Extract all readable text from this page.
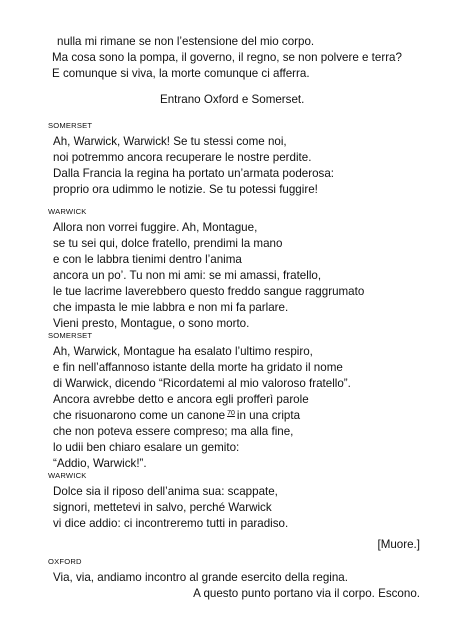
nulla mi rimane se non l’estensione del mio corpo.
Ma cosa sono la pompa, il governo, il regno, se non polvere e terra?
E comunque si viva, la morte comunque ci afferra.
Entrano Oxford e Somerset.
SOMERSET
Ah, Warwick, Warwick! Se tu stessi come noi,
noi potremmo ancora recuperare le nostre perdite.
Dalla Francia la regina ha portato un’armata poderosa:
proprio ora udimmo le notizie. Se tu potessi fuggire!
WARWICK
Allora non vorrei fuggire. Ah, Montague,
se tu sei qui, dolce fratello, prendimi la mano
e con le labbra tienimi dentro l’anima
ancora un po’. Tu non mi ami: se mi amassi, fratello,
le tue lacrime laverebbero questo freddo sangue raggrumato
che impasta le mie labbra e non mi fa parlare.
Vieni presto, Montague, o sono morto.
SOMERSET
Ah, Warwick, Montague ha esalato l’ultimo respiro,
e fin nell’affannoso istante della morte ha gridato il nome
di Warwick, dicendo “Ricordatemi al mio valoroso fratello”.
Ancora avrebbe detto e ancora egli profferì parole
che risuonarono come un canone 70 in una cripta
che non poteva essere compreso; ma alla fine,
lo udii ben chiaro esalare un gemito:
“Addio, Warwick!”.
WARWICK
Dolce sia il riposo dell’anima sua: scappate,
signori, mettetevi in salvo, perché Warwick
vi dice addio: ci incontreremo tutti in paradiso.
[Muore.]
OXFORD
Via, via, andiamo incontro al grande esercito della regina.
A questo punto portano via il corpo. Escono.
